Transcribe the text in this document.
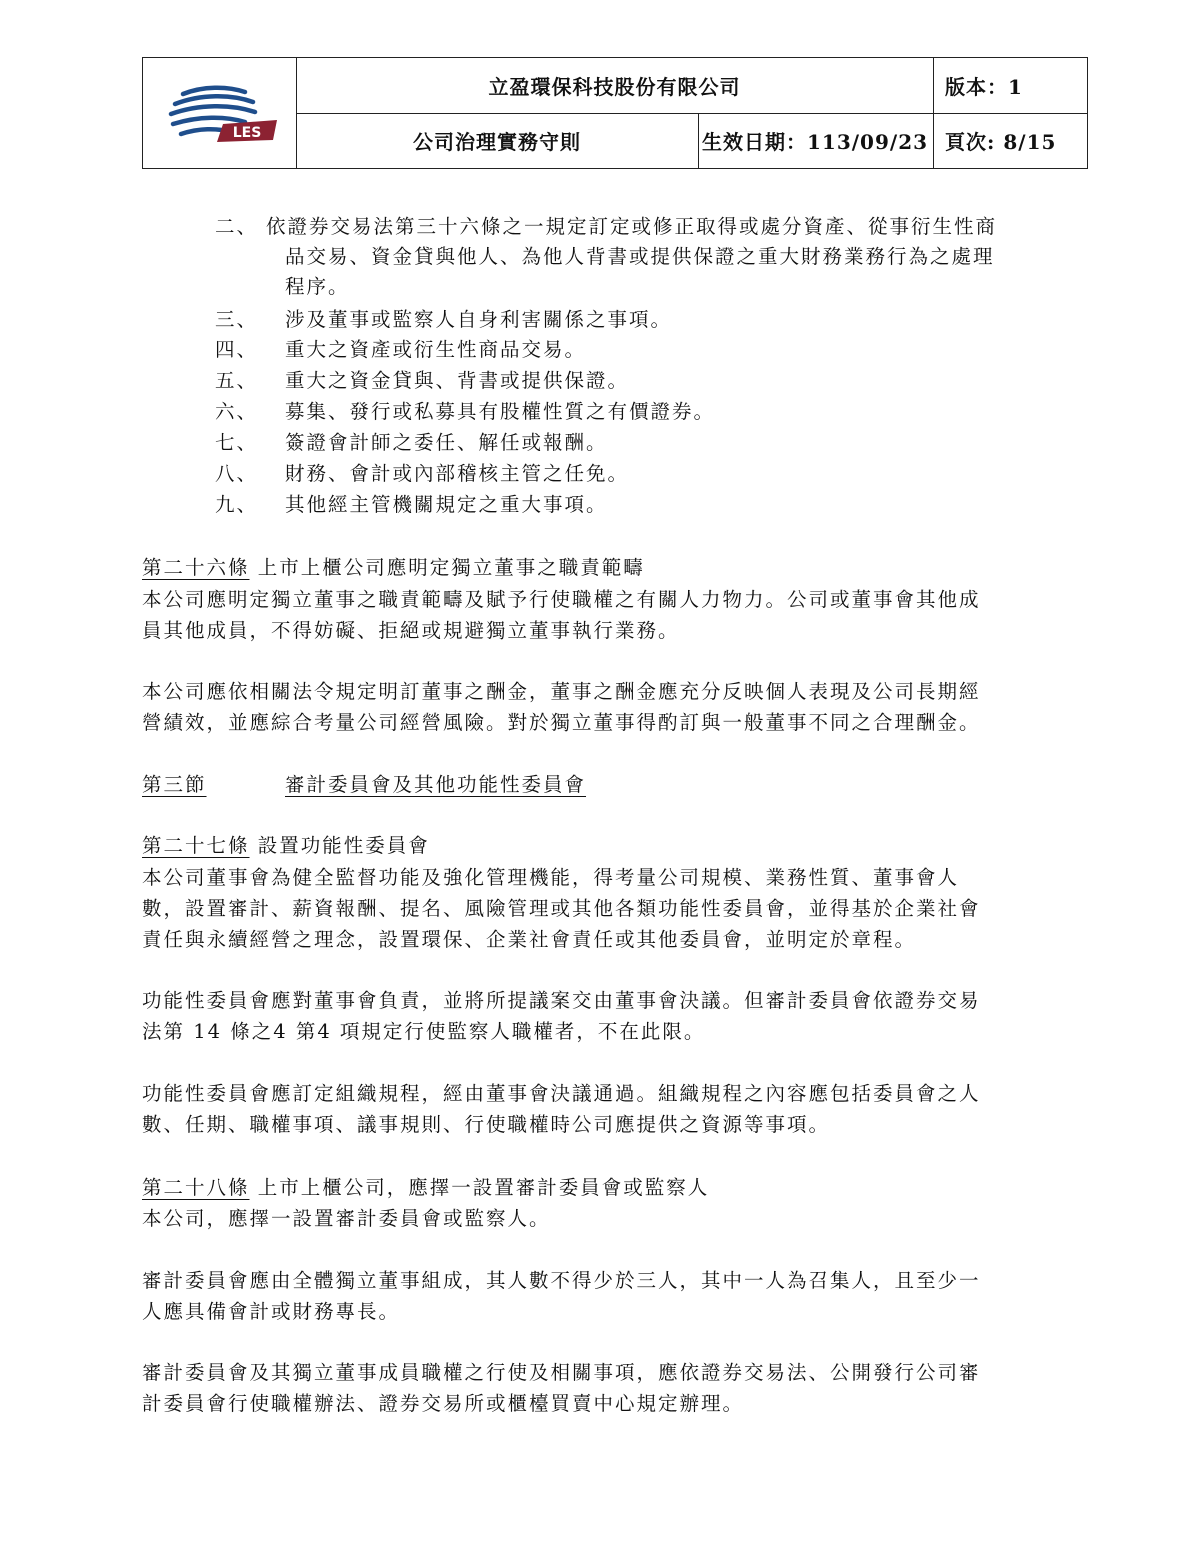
LES
立盈環保科技股份有限公司	版本：1
公司治理實務守則	生效日期：113/09/23 頁次: 8/15
二、 依證券交易法第三十六條之一規定訂定或修正取得或處分資產、從事衍生性商
品交易、資金貸與他人、為他人背書或提供保證之重大財務業務行為之處理
程序。
三、 涉及董事或監察人自身利害關係之事項。
四、 重大之資產或衍生性商品交易。
五、 重大之資金貸與、背書或提供保證。
六、 募集、發行或私募具有股權性質之有價證券。
七、 簽證會計師之委任、解任或報酬。
八、 財務、會計或內部稽核主管之任免。
九、 其他經主管機關規定之重大事項。
第二十六條 上市上櫃公司應明定獨立董事之職責範疇
本公司應明定獨立董事之職責範疇及賦予行使職權之有關人力物力。公司或董事會其他成
員其他成員，不得妨礙、拒絕或規避獨立董事執行業務。
本公司應依相關法令規定明訂董事之酬金，董事之酬金應充分反映個人表現及公司長期經
營績效，並應綜合考量公司經營風險。對於獨立董事得酌訂與一般董事不同之合理酬金。
第三節	審計委員會及其他功能性委員會
第二十七條 設置功能性委員會
本公司董事會為健全監督功能及強化管理機能，得考量公司規模、業務性質、董事會人
數，設置審計、薪資報酬、提名、風險管理或其他各類功能性委員會，並得基於企業社會
責任與永續經營之理念，設置環保、企業社會責任或其他委員會，並明定於章程。
功能性委員會應對董事會負責，並將所提議案交由董事會決議。但審計委員會依證券交易
法第 14 條之4 第4 項規定行使監察人職權者，不在此限。
功能性委員會應訂定組織規程，經由董事會決議通過。組織規程之內容應包括委員會之人
數、任期、職權事項、議事規則、行使職權時公司應提供之資源等事項。
第二十八條 上市上櫃公司，應擇一設置審計委員會或監察人
本公司，應擇一設置審計委員會或監察人。
審計委員會應由全體獨立董事組成，其人數不得少於三人，其中一人為召集人，且至少一
人應具備會計或財務專長。
審計委員會及其獨立董事成員職權之行使及相關事項，應依證券交易法、公開發行公司審
計委員會行使職權辦法、證券交易所或櫃檯買賣中心規定辦理。
